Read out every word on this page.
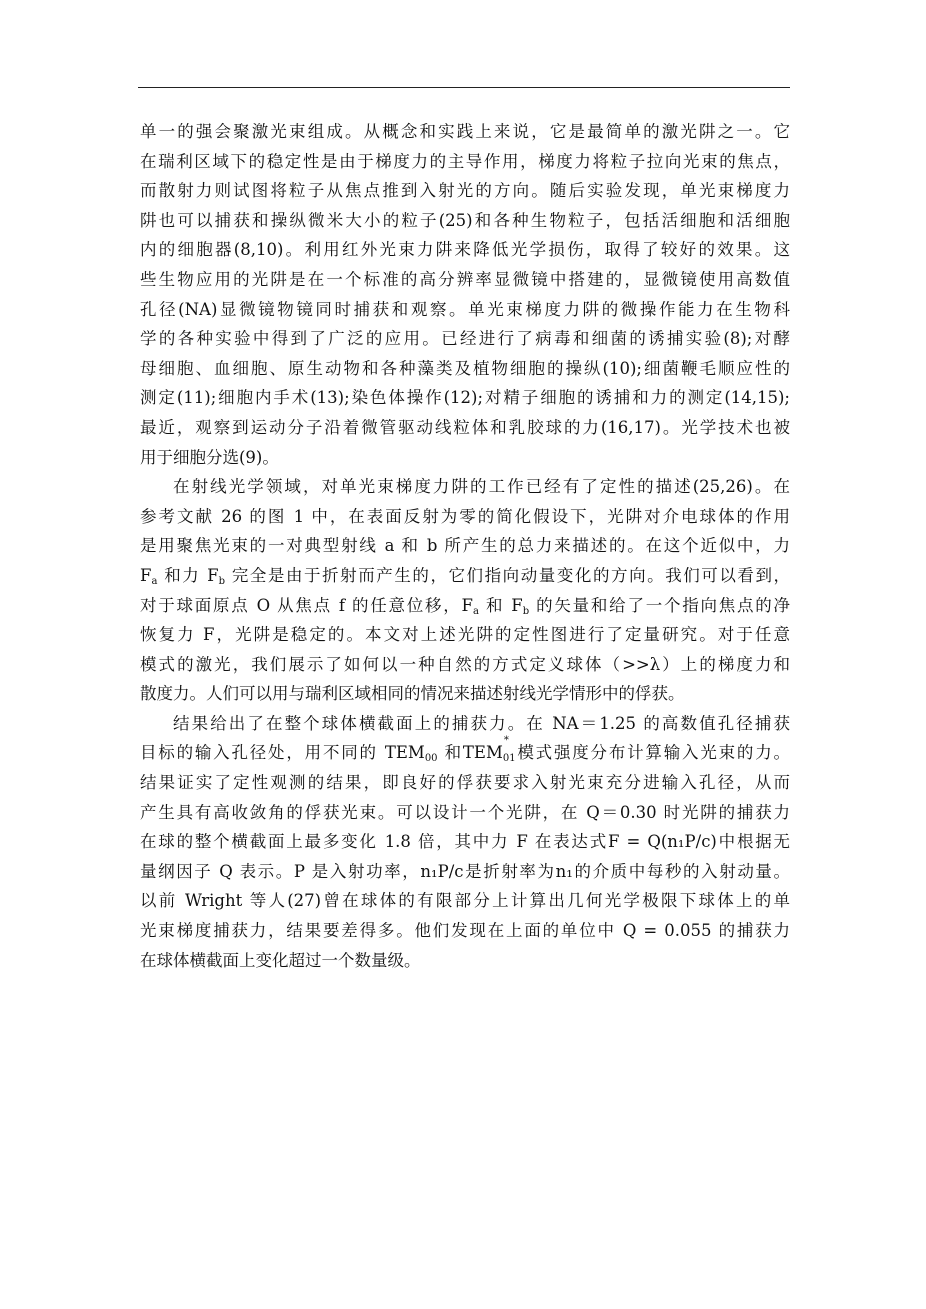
单一的强会聚激光束组成。从概念和实践上来说，它是最简单的激光阱之一。它
在瑞利区域下的稳定性是由于梯度力的主导作用，梯度力将粒子拉向光束的焦点，
而散射力则试图将粒子从焦点推到入射光的方向。随后实验发现，单光束梯度力
阱也可以捕获和操纵微米大小的粒子(25)和各种生物粒子，包括活细胞和活细胞
内的细胞器(8,10)。利用红外光束力阱来降低光学损伤，取得了较好的效果。这
些生物应用的光阱是在一个标准的高分辨率显微镜中搭建的，显微镜使用高数值
孔径(NA)显微镜物镜同时捕获和观察。单光束梯度力阱的微操作能力在生物科
学的各种实验中得到了广泛的应用。已经进行了病毒和细菌的诱捕实验(8);对酵
母细胞、血细胞、原生动物和各种藻类及植物细胞的操纵(10);细菌鞭毛顺应性的
测定(11);细胞内手术(13);染色体操作(12);对精子细胞的诱捕和力的测定(14,15);
最近，观察到运动分子沿着微管驱动线粒体和乳胶球的力(16,17)。光学技术也被
用于细胞分选(9)。

在射线光学领域，对单光束梯度力阱的工作已经有了定性的描述(25,26)。在
参考文献 26 的图 1 中，在表面反射为零的简化假设下，光阱对介电球体的作用
是用聚焦光束的一对典型射线 a 和 b 所产生的总力来描述的。在这个近似中，力
$F_a$ 和力 $F_b$ 完全是由于折射而产生的，它们指向动量变化的方向。我们可以看到，
对于球面原点 O 从焦点 f 的任意位移，$F_a$ 和 $F_b$ 的矢量和给了一个指向焦点的净
恢复力 F，光阱是稳定的。本文对上述光阱的定性图进行了定量研究。对于任意
模式的激光，我们展示了如何以一种自然的方式定义球体（>>λ）上的梯度力和
散度力。人们可以用与瑞利区域相同的情况来描述射线光学情形中的俘获。

结果给出了在整个球体横截面上的捕获力。在 NA＝1.25 的高数值孔径捕获
目标的输入孔径处，用不同的 $TEM_{00}$ 和$TEM_{01}$
*
模式强度分布计算输入光束的力。
结果证实了定性观测的结果，即良好的俘获要求入射光束充分进输入孔径，从而
产生具有高收敛角的俘获光束。可以设计一个光阱，在 Q＝0.30 时光阱的捕获力
在球的整个横截面上最多变化 1.8 倍，其中力 F 在表达式F = Q(n₁P/c)中根据无
量纲因子 Q 表示。P 是入射功率，n₁P/c是折射率为n₁的介质中每秒的入射动量。
以前 Wright 等人(27)曾在球体的有限部分上计算出几何光学极限下球体上的单
光束梯度捕获力，结果要差得多。他们发现在上面的单位中 Q = 0.055 的捕获力
在球体横截面上变化超过一个数量级。
